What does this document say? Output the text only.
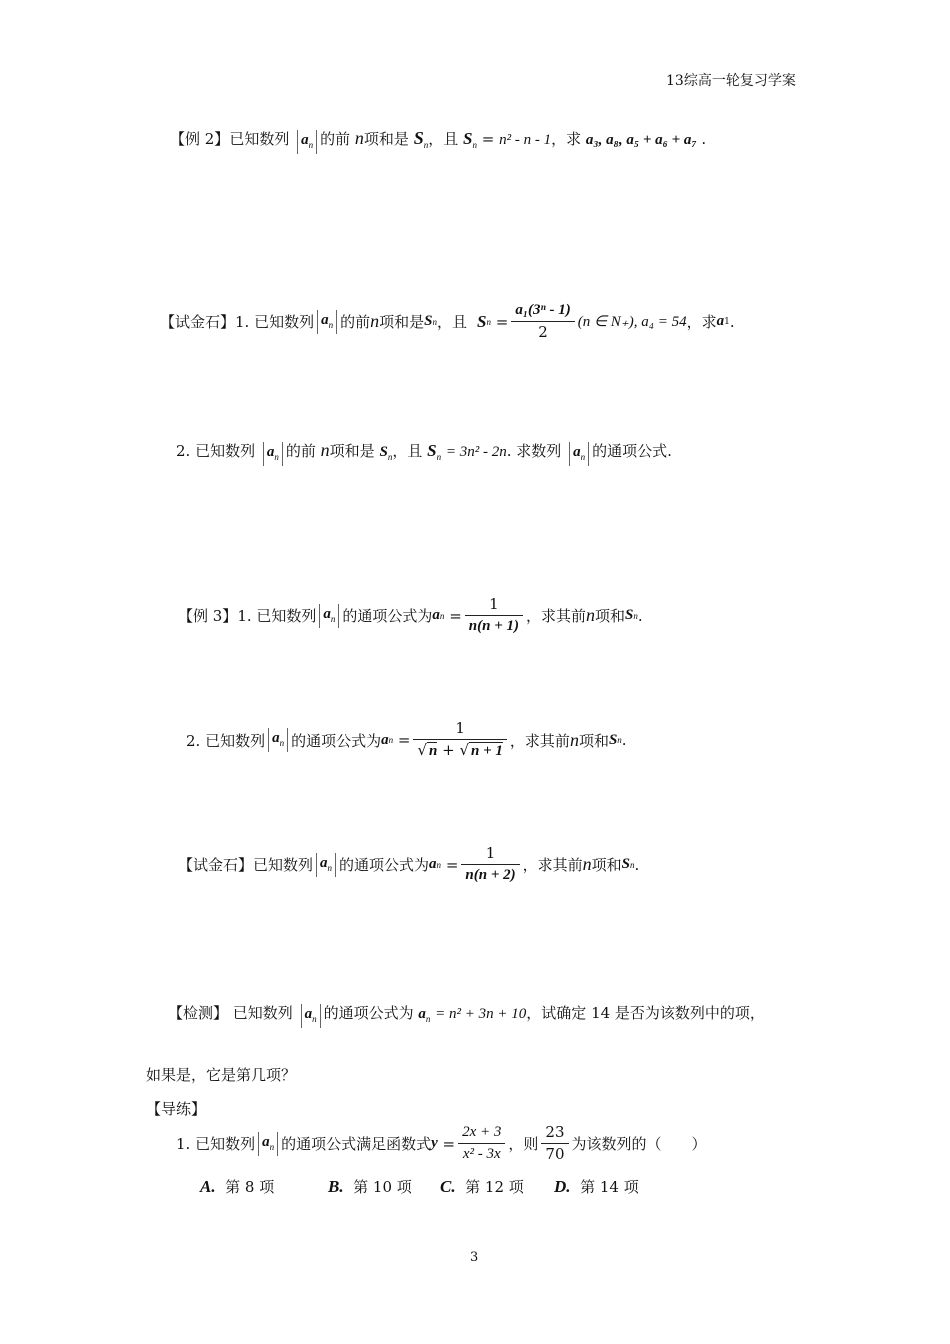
13综高一轮复习学案
【例 2】已知数列 $a_n$ 的前 n项和是 $S_n$，且 $S_n = n^2 - n - 1$，求 a₃, a₈, a₅ + a₆ + a₇ .
【试金石】 1. 已知数列 $a_n$ 的前 n 项和是 S n ，且 S $n = \frac{\text{a₁(3ⁿ - 1)}}{2} (n$ ∈ N₊), a₄ = 54 ，求 a 1 .
2. 已知数列 $a_n$ 的前 n项和是 $S_n$，且 $S_n = 3n^2 - 2n$. 求数列 $a_n$ 的通项公式.
【例 3】 1. 已知数列 $a_n$ 的通项公式为 a $n = \frac{1}{n(n + 1)}$ ，求其前 n 项和 S n .
2. 已知数列 $a_n$ 的通项公式为 a $n = \frac{1}{√ n + √ n + 1}$ ，求其前 n 项和 S n .
【试金石】 已知数列 $a_n$ 的通项公式为 a $n = \frac{1}{n(n + 2)}$ ，求其前 n 项和 S n .
【检测】 已知数列 $a_n$ 的通项公式为 $a_n = n^2 + 3n + 10$，试确定 14 是否为该数列中的项，
如果是，它是第几项？
【导练】
1. 已知数列 $a_n$ 的通项公式满足函数式 $y = \frac{2x + 3}{\text{x² - 3x}}$ ，则 $\frac{23}{70}$ 为该数列的（　　）
A. 第 8 项	B. 第 10 项 C. 第 12 项 D. 第 14 项
3
